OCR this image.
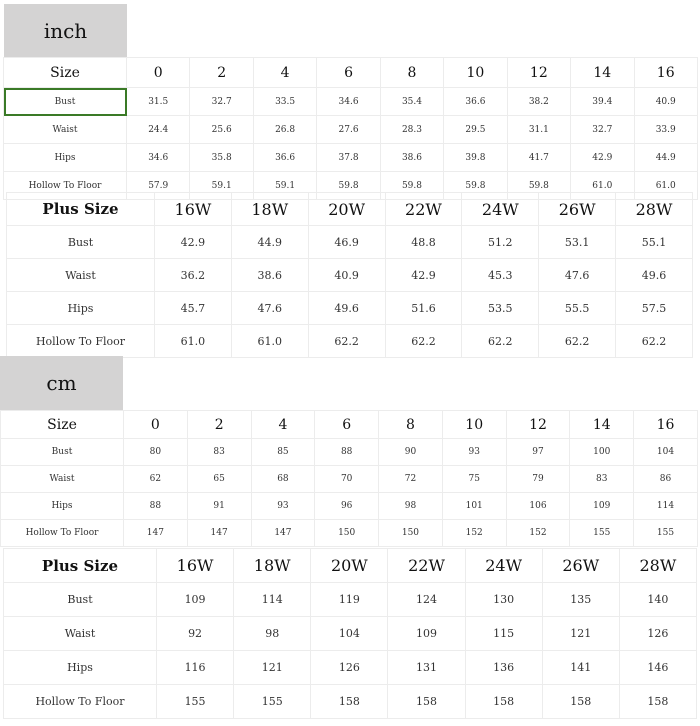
inch
Size	0	2	4	6	8	10	12	14	16
Bust	31.5	32.7	33.5	34.6	35.4	36.6	38.2	39.4	40.9
Waist	24.4	25.6	26.8	27.6	28.3	29.5	31.1	32.7	33.9
Hips	34.6	35.8	36.6	37.8	38.6	39.8	41.7	42.9	44.9
Hollow To Floor	57.9	59.1	59.1	59.8	59.8	59.8	59.8	61.0	61.0
Plus Size	16W	18W	20W	22W	24W	26W	28W
Bust	42.9	44.9	46.9	48.8	51.2	53.1	55.1
Waist	36.2	38.6	40.9	42.9	45.3	47.6	49.6
Hips	45.7	47.6	49.6	51.6	53.5	55.5	57.5
Hollow To Floor	61.0	61.0	62.2	62.2	62.2	62.2	62.2
cm
Size	0	2	4	6	8	10	12	14	16
Bust	80	83	85	88	90	93	97	100	104
Waist	62	65	68	70	72	75	79	83	86
Hips	88	91	93	96	98	101	106	109	114
Hollow To Floor	147	147	147	150	150	152	152	155	155
Plus Size	16W	18W	20W	22W	24W	26W	28W
Bust	109	114	119	124	130	135	140
Waist	92	98	104	109	115	121	126
Hips	116	121	126	131	136	141	146
Hollow To Floor	155	155	158	158	158	158	158
